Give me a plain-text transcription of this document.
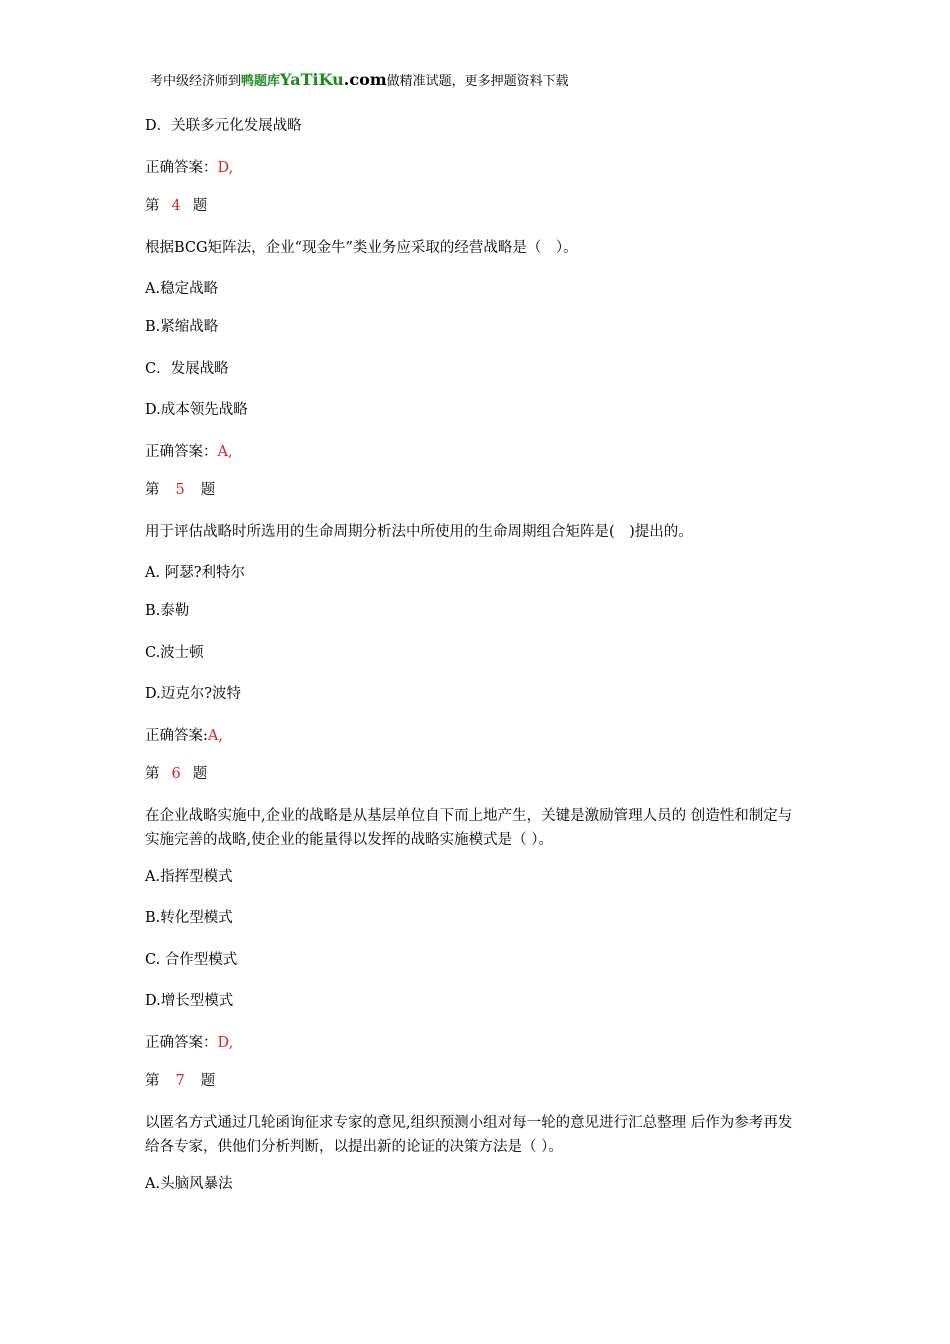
考中级经济师到鸭题库YaTiKu.com做精准试题，更多押题资料下载
D．关联多元化发展战略
正确答案：D,
第 4 题
根据BCG矩阵法，企业“现金牛”类业务应采取的经营战略是（　）。
A.稳定战略
B.紧缩战略
C．发展战略
D.成本领先战略
正确答案：A,
第 5 题
用于评估战略时所选用的生命周期分析法中所使用的生命周期组合矩阵是(　)提出的。
A. 阿瑟?利特尔
B.泰勒
C.波士顿
D.迈克尔?波特
正确答案:A,
第 6 题
在企业战略实施中,企业的战略是从基层单位自下而上地产生，关键是激励管理人员的 创造性和制定与实施完善的战略,使企业的能量得以发挥的战略实施模式是（ ）。
A.指挥型模式
B.转化型模式
C. 合作型模式
D.增长型模式
正确答案：D,
第 7 题
以匿名方式通过几轮函询征求专家的意见,组织预测小组对每一轮的意见进行汇总整理 后作为参考再发给各专家，供他们分析判断，以提出新的论证的决策方法是（ ）。
A.头脑风暴法
